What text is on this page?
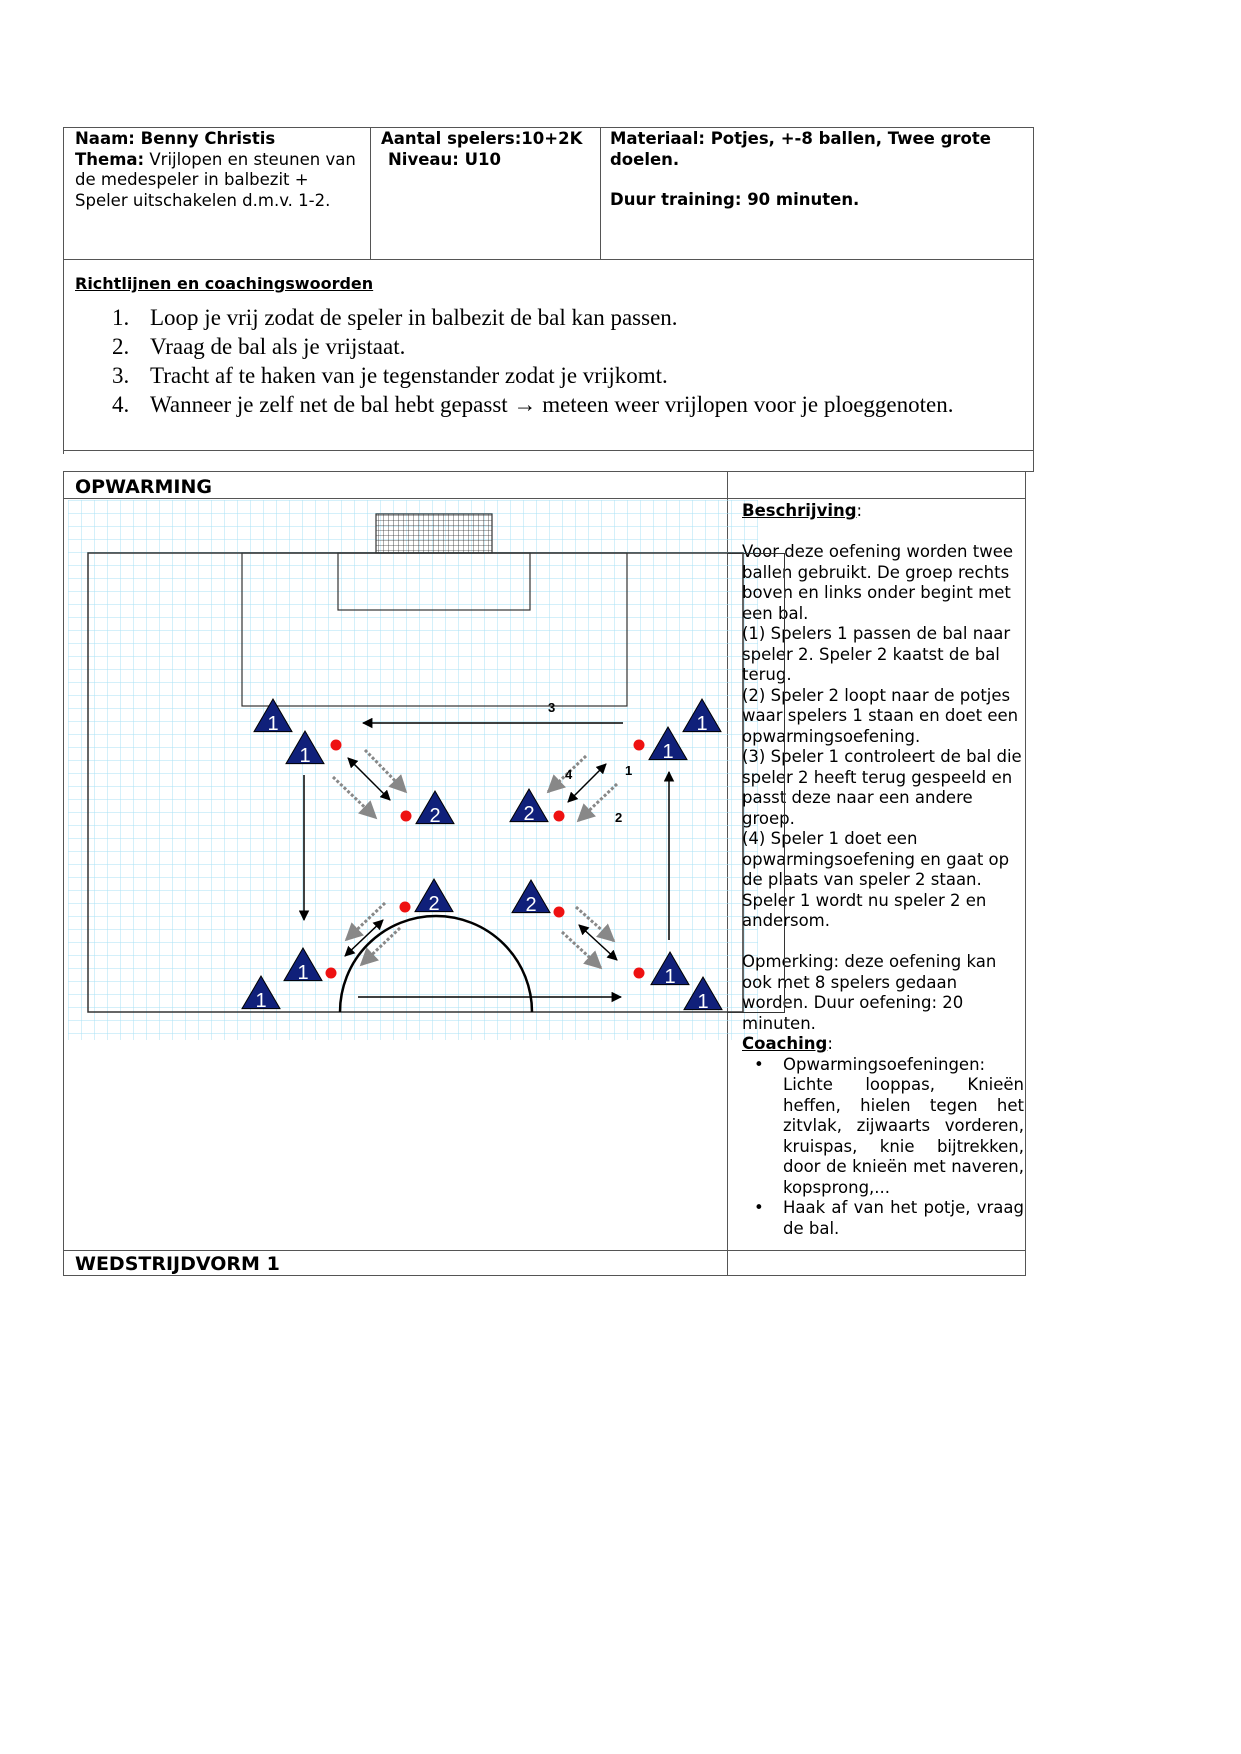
Naam: Benny Christis
Thema: Vrijlopen en steunen van de medespeler in balbezit + Speler uitschakelen d.m.v. 1-2.
Aantal spelers:10+2K
Niveau: U10
Materiaal: Potjes, +-8 ballen, Twee grote doelen.
Duur training: 90 minuten.
Richtlijnen en coachingswoorden
1. Loop je vrij zodat de speler in balbezit de bal kan passen.
2. Vraag de bal als je vrijstaat.
3. Tracht af te haken van je tegenstander zodat je vrijkomt.
4. Wanneer je zelf net de bal hebt gepasst → meteen weer vrijlopen voor je ploeggenoten.
OPWARMING
WEDSTRIJDVORM 1
3
4	1
2
1
1
1
1
1
1
1
1
2	2
2	2

Beschrijving:

Voor deze oefening worden twee ballen gebruikt. De groep rechts boven en links onder begint met een bal.

(1) Spelers 1 passen de bal naar speler 2. Speler 2 kaatst de bal terug.

(2) Speler 2 loopt naar de potjes waar spelers 1 staan en doet een opwarmingsoefening.

(3) Speler 1 controleert de bal die speler 2 heeft terug gespeeld en passt deze naar een andere groep.

(4) Speler 1 doet een opwarmingsoefening en gaat op de plaats van speler 2 staan. Speler 1 wordt nu speler 2 en andersom.

Opmerking: deze oefening kan ook met 8 spelers gedaan worden. Duur oefening: 20 minuten.

Coaching:

• Opwarmingsoefeningen: Lichte looppas, Knieën heffen, hielen tegen het zitvlak, zijwaarts vorderen, kruispas, knie bijtrekken, door de knieën met naveren, kopsprong,...
• Haak af van het potje, vraag de bal.
